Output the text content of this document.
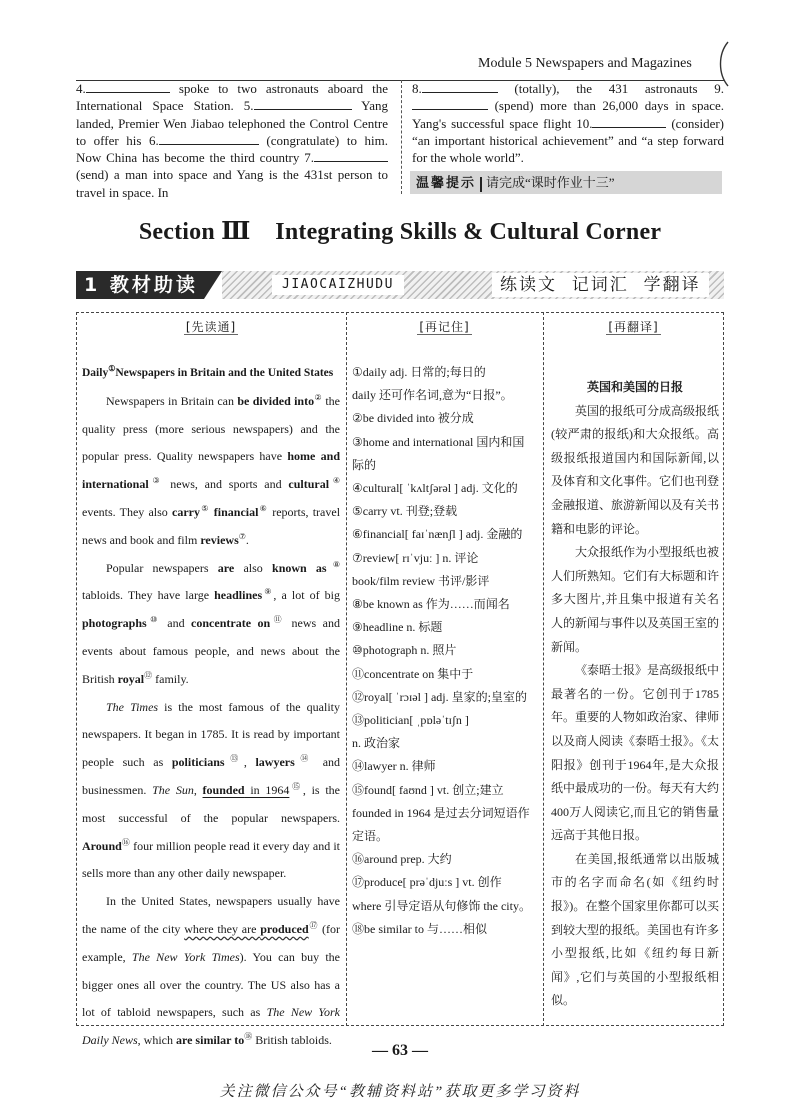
Module 5 Newspapers and Magazines
4.	spoke to two astronauts aboard the International Space Station. 5.	Yang landed, Premier Wen Jiabao telephoned the Control Centre to offer his 6.	(congratulate) to him. Now China has become the third country 7. (send) a man into space and Yang is the 431st person to travel in space. In
8.	(totally), the 431 astronauts 9. (spend) more than 26,000 days in space. Yang's successful space flight 10.	(consider) “an important historical achievement” and “a step forward for the whole world”.
温馨提示 请完成“课时作业十三”
Section Ⅲ    Integrating Skills & Cultural Corner
1 教材助读	JIAOCAIZHUDU	练读文  记词汇  学翻译
[先读通]	[再记住]	[再翻译]

Daily①Newspapers in Britain and the United States

Newspapers in Britain can be divided into② the quality press (more serious newspapers) and the popular press. Quality newspapers have home and international③ news, and sports and cultural④ events. They also carry⑤ financial⑥ reports, travel news and book and film reviews⑦.

Popular newspapers are also known as⑧ tabloids. They have large headlines⑨, a lot of big photographs⑩ and concentrate on⑪ news and events about famous people, and news about the British royal⑫ family.

The Times is the most famous of the quality newspapers. It began in 1785. It is read by important people such as politicians⑬, lawyers⑭ and businessmen. The Sun, founded in 1964⑮, is the most successful of the popular newspapers. Around⑯ four million people read it every day and it sells more than any other daily newspaper.

In the United States, newspapers usually have the name of the city where they are produced⑰ (for example, The New York Times). You can buy the bigger ones all over the country. The US also has a lot of tabloid newspapers, such as The New York Daily News, which are similar to⑱ British tabloids.

①daily adj. 日常的;每日的
daily 还可作名词,意为“日报”。
②be divided into 被分成
③home and international 国内和国
际的
④cultural[ ˈkʌltʃərəl ] adj. 文化的
⑤carry vt. 刊登;登载
⑥financial[ faɪˈnænʃl ] adj. 金融的
⑦review[ rɪˈvjuː ] n. 评论
book/film review 书评/影评
⑧be known as 作为……而闻名
⑨headline n. 标题
⑩photograph n. 照片
⑪concentrate on 集中于
⑫royal[ ˈrɔɪəl ] adj. 皇家的;皇室的
⑬politician[ ˌpɒləˈtɪʃn ]
n. 政治家
⑭lawyer n. 律师
⑮found[ faʊnd ] vt. 创立;建立
founded in 1964 是过去分词短语作
定语。
⑯around prep. 大约
⑰produce[ prəˈdjuːs ] vt. 创作
where 引导定语从句修饰 the city。
⑱be similar to 与……相似
英国和美国的日报

英国的报纸可分成高级报纸(较严肃的报纸)和大众报纸。高级报纸报道国内和国际新闻,以及体育和文化事件。它们也刊登金融报道、旅游新闻以及有关书籍和电影的评论。

大众报纸作为小型报纸也被人们所熟知。它们有大标题和许多大图片,并且集中报道有关名人的新闻与事件以及英国王室的新闻。

《泰晤士报》是高级报纸中最著名的一份。它创刊于1785年。重要的人物如政治家、律师以及商人阅读《泰晤士报》。《太阳报》创刊于1964年,是大众报纸中最成功的一份。每天有大约400万人阅读它,而且它的销售量远高于其他日报。

在美国,报纸通常以出版城市的名字而命名(如《纽约时报》)。在整个国家里你都可以买到较大型的报纸。美国也有许多小型报纸,比如《纽约每日新闻》,它们与英国的小型报纸相似。

— 63 —
关注微信公众号“教辅资料站”获取更多学习资料
